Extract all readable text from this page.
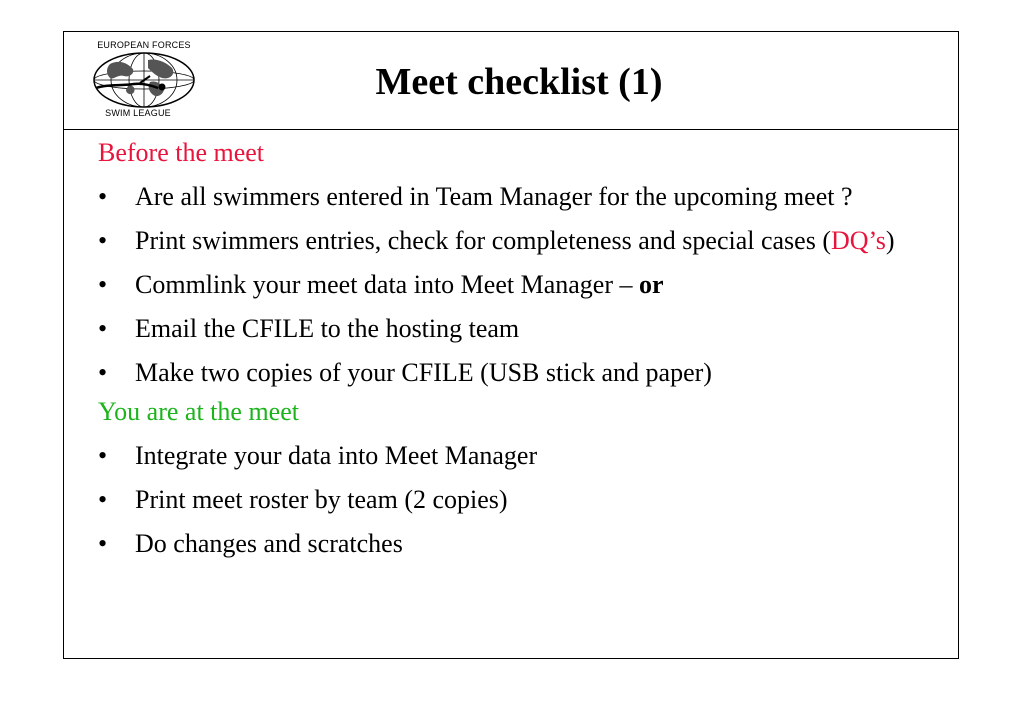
EUROPEAN FORCES
SWIM LEAGUE
Meet checklist (1)
Before the meet
• Are all swimmers entered in Team Manager for the upcoming meet ?
• Print swimmers entries, check for completeness and special cases (DQ’s)
• Commlink your meet data into Meet Manager – or
• Email the CFILE to the hosting team
• Make two copies of your CFILE (USB stick and paper)
You are at the meet
• Integrate your data into Meet Manager
• Print meet roster by team (2 copies)
• Do changes and scratches
